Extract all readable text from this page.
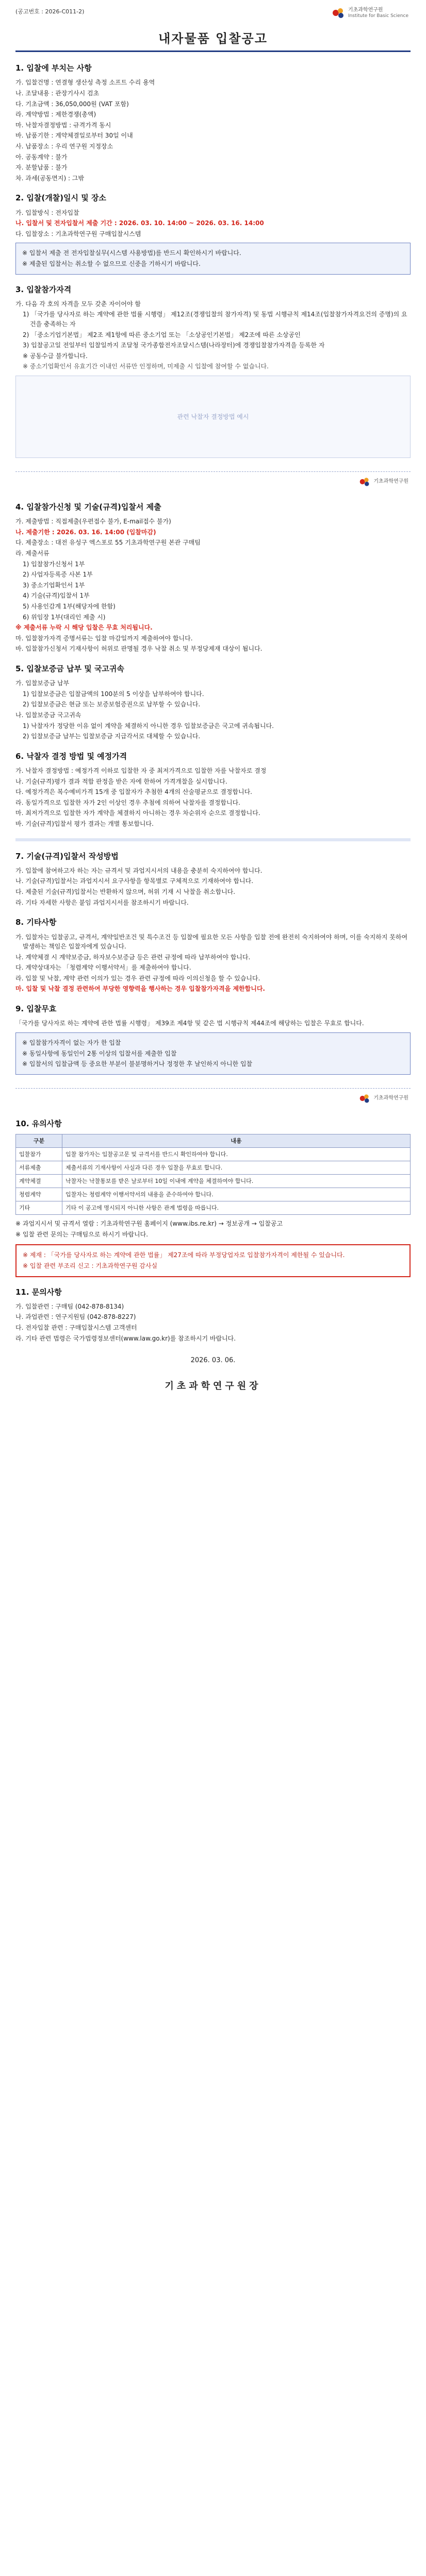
(공고번호 : 2026-C011-2)	기초과학연구원
Institute for Basic Science
내자물품 입찰공고
1. 입찰에 부치는 사항

가. 입찰건명 : 연결형 생산성 측정 소프트 수리 용역

나. 조달내용 : 관장기사시 검초

다. 기초금액 : 36,050,000원 (VAT 포함)

라. 계약방법 : 제한경쟁(총액)

마. 낙찰자결정방법 : 규격가격 동시

바. 납품기한 : 계약체결일로부터 30일 이내

사. 납품장소 : 우리 연구원 지정장소

아. 공동계약 : 불가

자. 분할납품 : 불가

차. 과세(공동면지) : 그밖

2. 입찰(개찰)일시 및 장소

가. 입찰방식 : 전자입찰

나. 입찰서 및 전자입찰서 제출 기간 : 2026. 03. 10. 14:00 ~ 2026. 03. 16. 14:00

다. 입찰장소 : 기초과학연구원 구매입찰시스템

※ 입찰서 제출 전 전자입찰실무(시스템 사용방법)를 반드시 확인하시기 바랍니다.

※ 제출된 입찰서는 취소할 수 없으므로 신중을 기하시기 바랍니다.

3. 입찰참가자격

가. 다음 각 호의 자격을 모두 갖춘 자이어야 함

1) 「국가를 당사자로 하는 계약에 관한 법률 시행령」 제12조(경쟁입찰의 참가자격) 및 동법 시행규칙 제14조(입찰참가자격요건의 증명)의 요건을 충족하는 자

2) 「중소기업기본법」 제2조 제1항에 따른 중소기업 또는 「소상공인기본법」 제2조에 따른 소상공인

3) 입찰공고일 전일부터 입찰일까지 조달청 국가종합전자조달시스템(나라장터)에 경쟁입찰참가자격을 등록한 자

※ 공동수급 불가합니다.

※ 중소기업확인서 유효기간 이내인 서류만 인정하며, 미제출 시 입찰에 참여할 수 없습니다.

관련 낙찰자 결정방법 예시
기초과학연구원
4. 입찰참가신청 및 기술(규격)입찰서 제출

가. 제출방법 : 직접제출(우편접수 불가, E-mail접수 불가)

나. 제출기한 : 2026. 03. 16. 14:00 (입찰마감)

다. 제출장소 : 대전 유성구 엑스포로 55 기초과학연구원 본관 구매팀

라. 제출서류

1) 입찰참가신청서 1부

2) 사업자등록증 사본 1부

3) 중소기업확인서 1부

4) 기술(규격)입찰서 1부

5) 사용인감계 1부(해당자에 한함)

6) 위임장 1부(대리인 제출 시)

※ 제출서류 누락 시 해당 입찰은 무효 처리됩니다.

마. 입찰참가자격 증명서류는 입찰 마감일까지 제출하여야 합니다.

바. 입찰참가신청서 기재사항이 허위로 판명될 경우 낙찰 취소 및 부정당제재 대상이 됩니다.

5. 입찰보증금 납부 및 국고귀속

가. 입찰보증금 납부

1) 입찰보증금은 입찰금액의 100분의 5 이상을 납부하여야 합니다.

2) 입찰보증금은 현금 또는 보증보험증권으로 납부할 수 있습니다.

나. 입찰보증금 국고귀속

1) 낙찰자가 정당한 이유 없이 계약을 체결하지 아니한 경우 입찰보증금은 국고에 귀속됩니다.

2) 입찰보증금 납부는 입찰보증금 지급각서로 대체할 수 있습니다.

6. 낙찰자 결정 방법 및 예정가격

가. 낙찰자 결정방법 : 예정가격 이하로 입찰한 자 중 최저가격으로 입찰한 자를 낙찰자로 결정

나. 기술(규격)평가 결과 적합 판정을 받은 자에 한하여 가격개찰을 실시합니다.

다. 예정가격은 복수예비가격 15개 중 입찰자가 추첨한 4개의 산술평균으로 결정합니다.

라. 동일가격으로 입찰한 자가 2인 이상인 경우 추첨에 의하여 낙찰자를 결정합니다.

마. 최저가격으로 입찰한 자가 계약을 체결하지 아니하는 경우 차순위자 순으로 결정합니다.

바. 기술(규격)입찰서 평가 결과는 개별 통보합니다.

7. 기술(규격)입찰서 작성방법

가. 입찰에 참여하고자 하는 자는 규격서 및 과업지시서의 내용을 충분히 숙지하여야 합니다.

나. 기술(규격)입찰서는 과업지시서 요구사항을 항목별로 구체적으로 기재하여야 합니다.

다. 제출된 기술(규격)입찰서는 반환하지 않으며, 허위 기재 시 낙찰을 취소합니다.

라. 기타 자세한 사항은 붙임 과업지시서를 참조하시기 바랍니다.

8. 기타사항

가. 입찰자는 입찰공고, 규격서, 계약일반조건 및 특수조건 등 입찰에 필요한 모든 사항을 입찰 전에 완전히 숙지하여야 하며, 이를 숙지하지 못하여 발생하는 책임은 입찰자에게 있습니다.

나. 계약체결 시 계약보증금, 하자보수보증금 등은 관련 규정에 따라 납부하여야 합니다.

다. 계약상대자는 「청렴계약 이행서약서」를 제출하여야 합니다.

라. 입찰 및 낙찰, 계약 관련 이의가 있는 경우 관련 규정에 따라 이의신청을 할 수 있습니다.

마. 입찰 및 낙찰 결정 관련하여 부당한 영향력을 행사하는 경우 입찰참가자격을 제한합니다.

9. 입찰무효

「국가를 당사자로 하는 계약에 관한 법률 시행령」 제39조 제4항 및 같은 법 시행규칙 제44조에 해당하는 입찰은 무효로 합니다.

※ 입찰참가자격이 없는 자가 한 입찰

※ 동일사항에 동일인이 2통 이상의 입찰서를 제출한 입찰

※ 입찰서의 입찰금액 등 중요한 부분이 불분명하거나 정정한 후 날인하지 아니한 입찰

기초과학연구원
10. 유의사항
구분	내용
입찰참가	입찰 참가자는 입찰공고문 및 규격서를 반드시 확인하여야 합니다.
서류제출	제출서류의 기재사항이 사실과 다른 경우 입찰을 무효로 합니다.
계약체결	낙찰자는 낙찰통보를 받은 날로부터 10일 이내에 계약을 체결하여야 합니다.
청렴계약	입찰자는 청렴계약 이행서약서의 내용을 준수하여야 합니다.
기타	기타 이 공고에 명시되지 아니한 사항은 관계 법령을 따릅니다.

※ 과업지시서 및 규격서 열람 : 기초과학연구원 홈페이지 (www.ibs.re.kr) → 정보공개 → 입찰공고

※ 입찰 관련 문의는 구매팀으로 하시기 바랍니다.

※ 제재 : 「국가를 당사자로 하는 계약에 관한 법률」 제27조에 따라 부정당업자로 입찰참가자격이 제한될 수 있습니다.

※ 입찰 관련 부조리 신고 : 기초과학연구원 감사실

11. 문의사항

가. 입찰관련 : 구매팀 (042-878-8134)

나. 과업관련 : 연구지원팀 (042-878-8227)

다. 전자입찰 관련 : 구매입찰시스템 고객센터

라. 기타 관련 법령은 국가법령정보센터(www.law.go.kr)를 참조하시기 바랍니다.

2026. 03. 06.
기초과학연구원장
